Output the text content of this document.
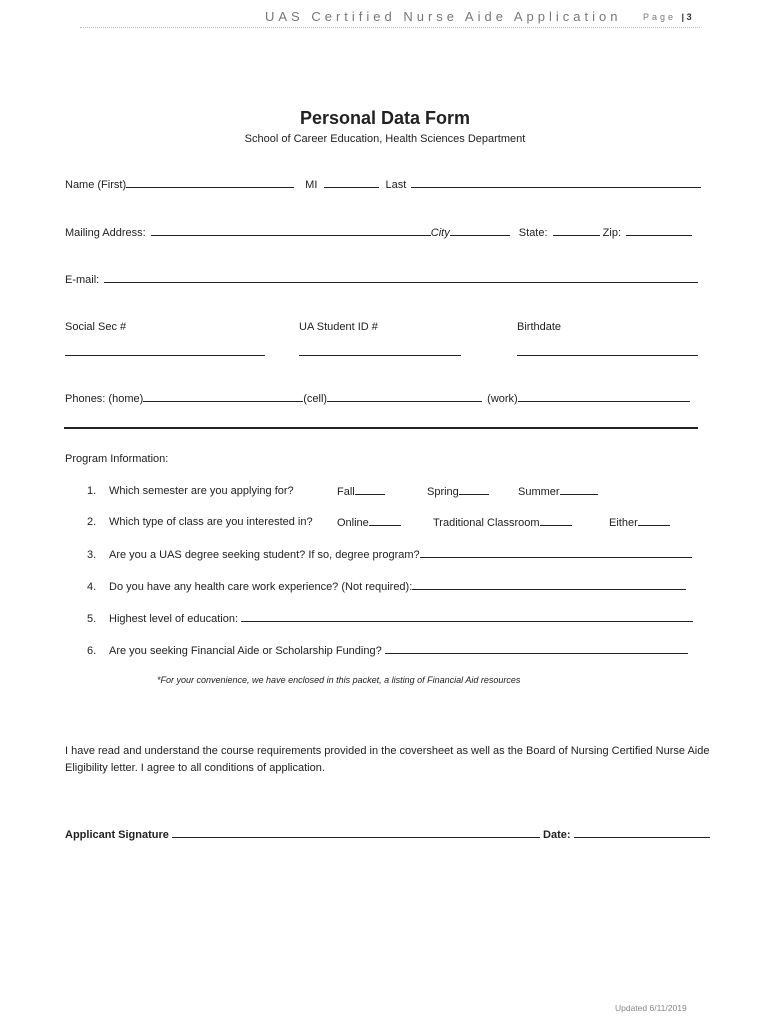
UAS Certified Nurse Aide Application Page | 3
Personal Data Form
School of Career Education, Health Sciences Department
Name (First)	MI	Last
Mailing Address:	City	State:	Zip:
E-mail:
Social Sec #	UA Student ID #	Birthdate
Phones: (home)	(cell)	(work)
Program Information:
1. Which semester are you applying for?	Fall	Spring	Summer
2. Which type of class are you interested in? Online	Traditional Classroom	Either
3. Are you a UAS degree seeking student? If so, degree program?
4. Do you have any health care work experience? (Not required):
5. Highest level of education:
6. Are you seeking Financial Aide or Scholarship Funding?
*For your convenience, we have enclosed in this packet, a listing of Financial Aid resources
I have read and understand the course requirements provided in the coversheet as well as the Board of Nursing Certified Nurse Aide Eligibility letter. I agree to all conditions of application.
Applicant Signature	Date:
Updated 6/11/2019
